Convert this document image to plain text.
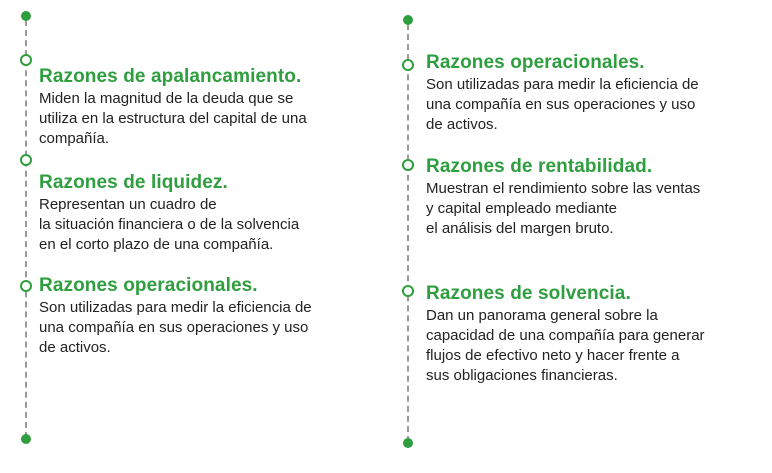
Razones de apalancamiento.
Miden la magnitud de la deuda que se
utiliza en la estructura del capital de una
compañía.
Razones de liquidez.
Representan un cuadro de
la situación financiera o de la solvencia
en el corto plazo de una compañía.
Razones operacionales.
Son utilizadas para medir la eficiencia de
una compañía en sus operaciones y uso
de activos.
Razones operacionales.
Son utilizadas para medir la eficiencia de
una compañía en sus operaciones y uso
de activos.
Razones de rentabilidad.
Muestran el rendimiento sobre las ventas
y capital empleado mediante
el análisis del margen bruto.
Razones de solvencia.
Dan un panorama general sobre la
capacidad de una compañía para generar
flujos de efectivo neto y hacer frente a
sus obligaciones financieras.
